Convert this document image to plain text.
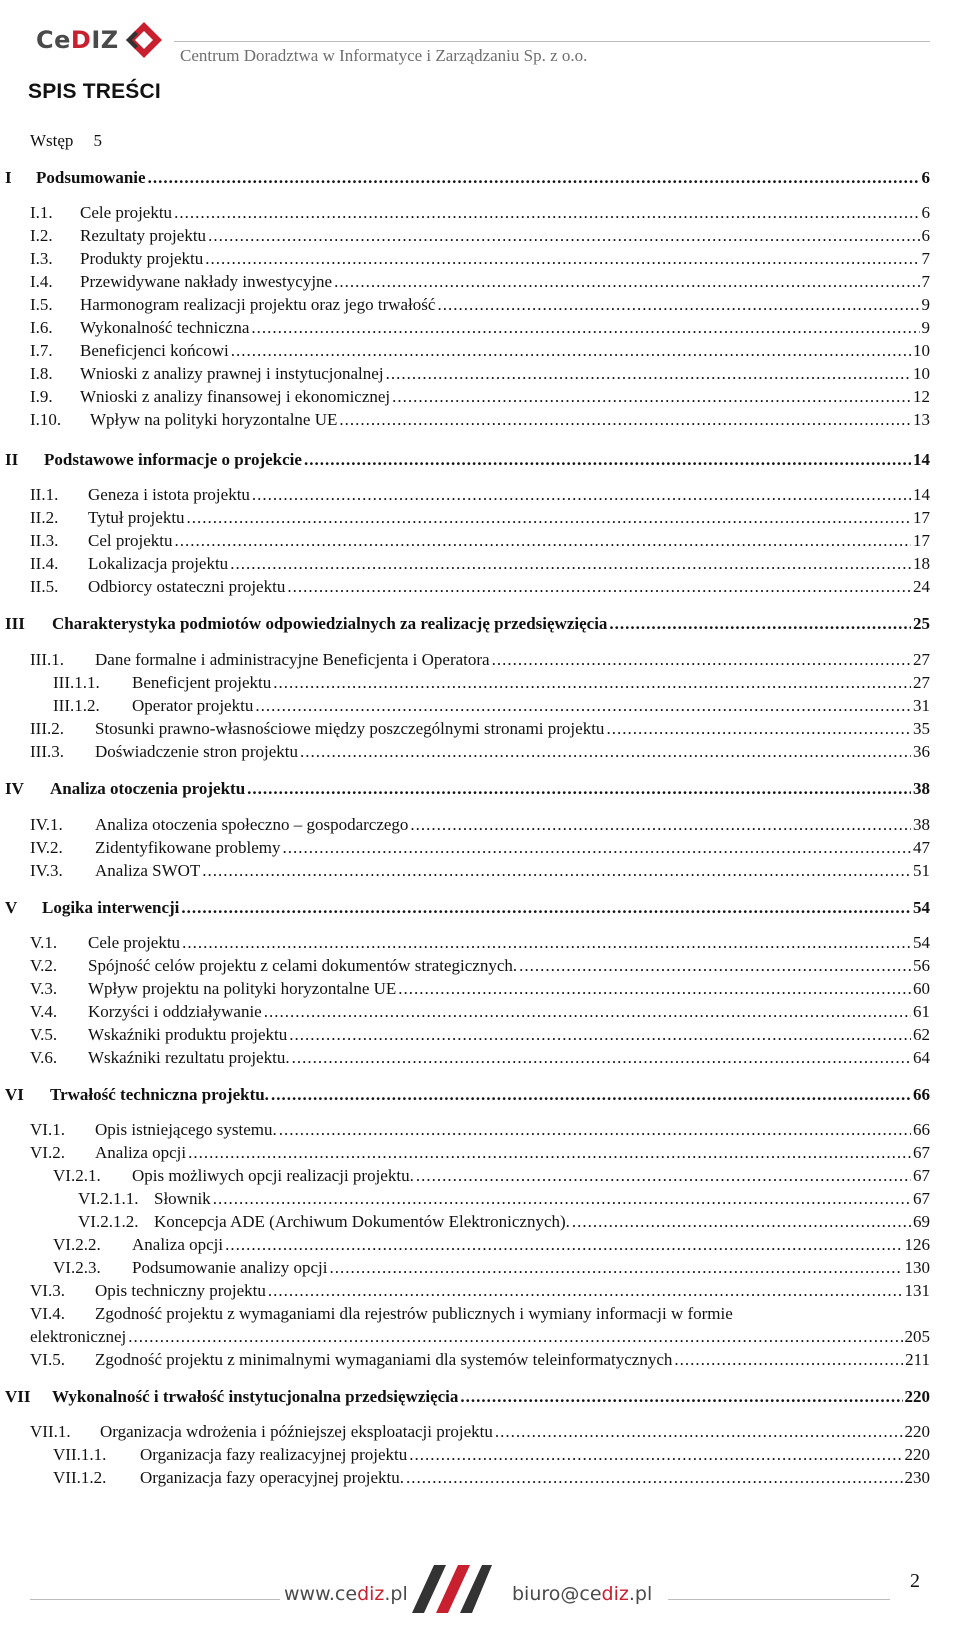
CeDIZ
Centrum Doradztwa w Informatyce i Zarządzaniu Sp. z o.o.
SPIS TREŚCI
Wstęp 5
I Podsumowanie .....	6
I.1. Cele projektu .....	6
I.2. Rezultaty projektu .....	6
I.3. Produkty projektu .....	7
I.4. Przewidywane nakłady inwestycyjne .....	7
I.5. Harmonogram realizacji projektu oraz jego trwałość .....	9
I.6. Wykonalność techniczna .....	9
I.7. Beneficjenci końcowi .....	10
I.8. Wnioski z analizy prawnej i instytucjonalnej .....	10
I.9. Wnioski z analizy finansowej i ekonomicznej .....	12
I.10. Wpływ na polityki horyzontalne UE .....	13
II Podstawowe informacje o projekcie .....	14
II.1. Geneza i istota projektu .....	14
II.2. Tytuł projektu .....	17
II.3. Cel projektu .....	17
II.4. Lokalizacja projektu .....	18
II.5. Odbiorcy ostateczni projektu .....	24
III Charakterystyka podmiotów odpowiedzialnych za realizację przedsięwzięcia .....	25
III.1. Dane formalne i administracyjne Beneficjenta i Operatora .....	27
III.1.1. Beneficjent projektu .....	27
III.1.2. Operator projektu .....	31
III.2. Stosunki prawno-własnościowe między poszczególnymi stronami projektu .....	35
III.3. Doświadczenie stron projektu .....	36
IV Analiza otoczenia projektu .....	38
IV.1. Analiza otoczenia społeczno – gospodarczego .....	38
IV.2. Zidentyfikowane problemy .....	47
IV.3. Analiza SWOT .....	51
V Logika interwencji .....	54
V.1. Cele projektu .....	54
V.2. Spójność celów projektu z celami dokumentów strategicznych. .....	56
V.3. Wpływ projektu na polityki horyzontalne UE .....	60
V.4. Korzyści i oddziaływanie .....	61
V.5. Wskaźniki produktu projektu .....	62
V.6. Wskaźniki rezultatu projektu. .....	64
VI Trwałość techniczna projektu. .....	66
VI.1. Opis istniejącego systemu. .....	66
VI.2. Analiza opcji .....	67
VI.2.1. Opis możliwych opcji realizacji projektu. .....	67
VI.2.1.1. Słownik .....	67
VI.2.1.2. Koncepcja ADE (Archiwum Dokumentów Elektronicznych). .....	69
VI.2.2. Analiza opcji .....	126
VI.2.3. Podsumowanie analizy opcji .....	130
VI.3. Opis techniczny projektu .....	131
VI.4. Zgodność projektu z wymaganiami dla rejestrów publicznych i wymiany informacji w formie
elektronicznej .....	205
VI.5. Zgodność projektu z minimalnymi wymaganiami dla systemów teleinformatycznych .....	211
VII Wykonalność i trwałość instytucjonalna przedsięwzięcia .....	220
VII.1. Organizacja wdrożenia i późniejszej eksploatacji projektu .....	220
VII.1.1. Organizacja fazy realizacyjnej projektu .....	220
VII.1.2. Organizacja fazy operacyjnej projektu. .....	230
www.cediz.pl	biuro@cediz.pl
2
